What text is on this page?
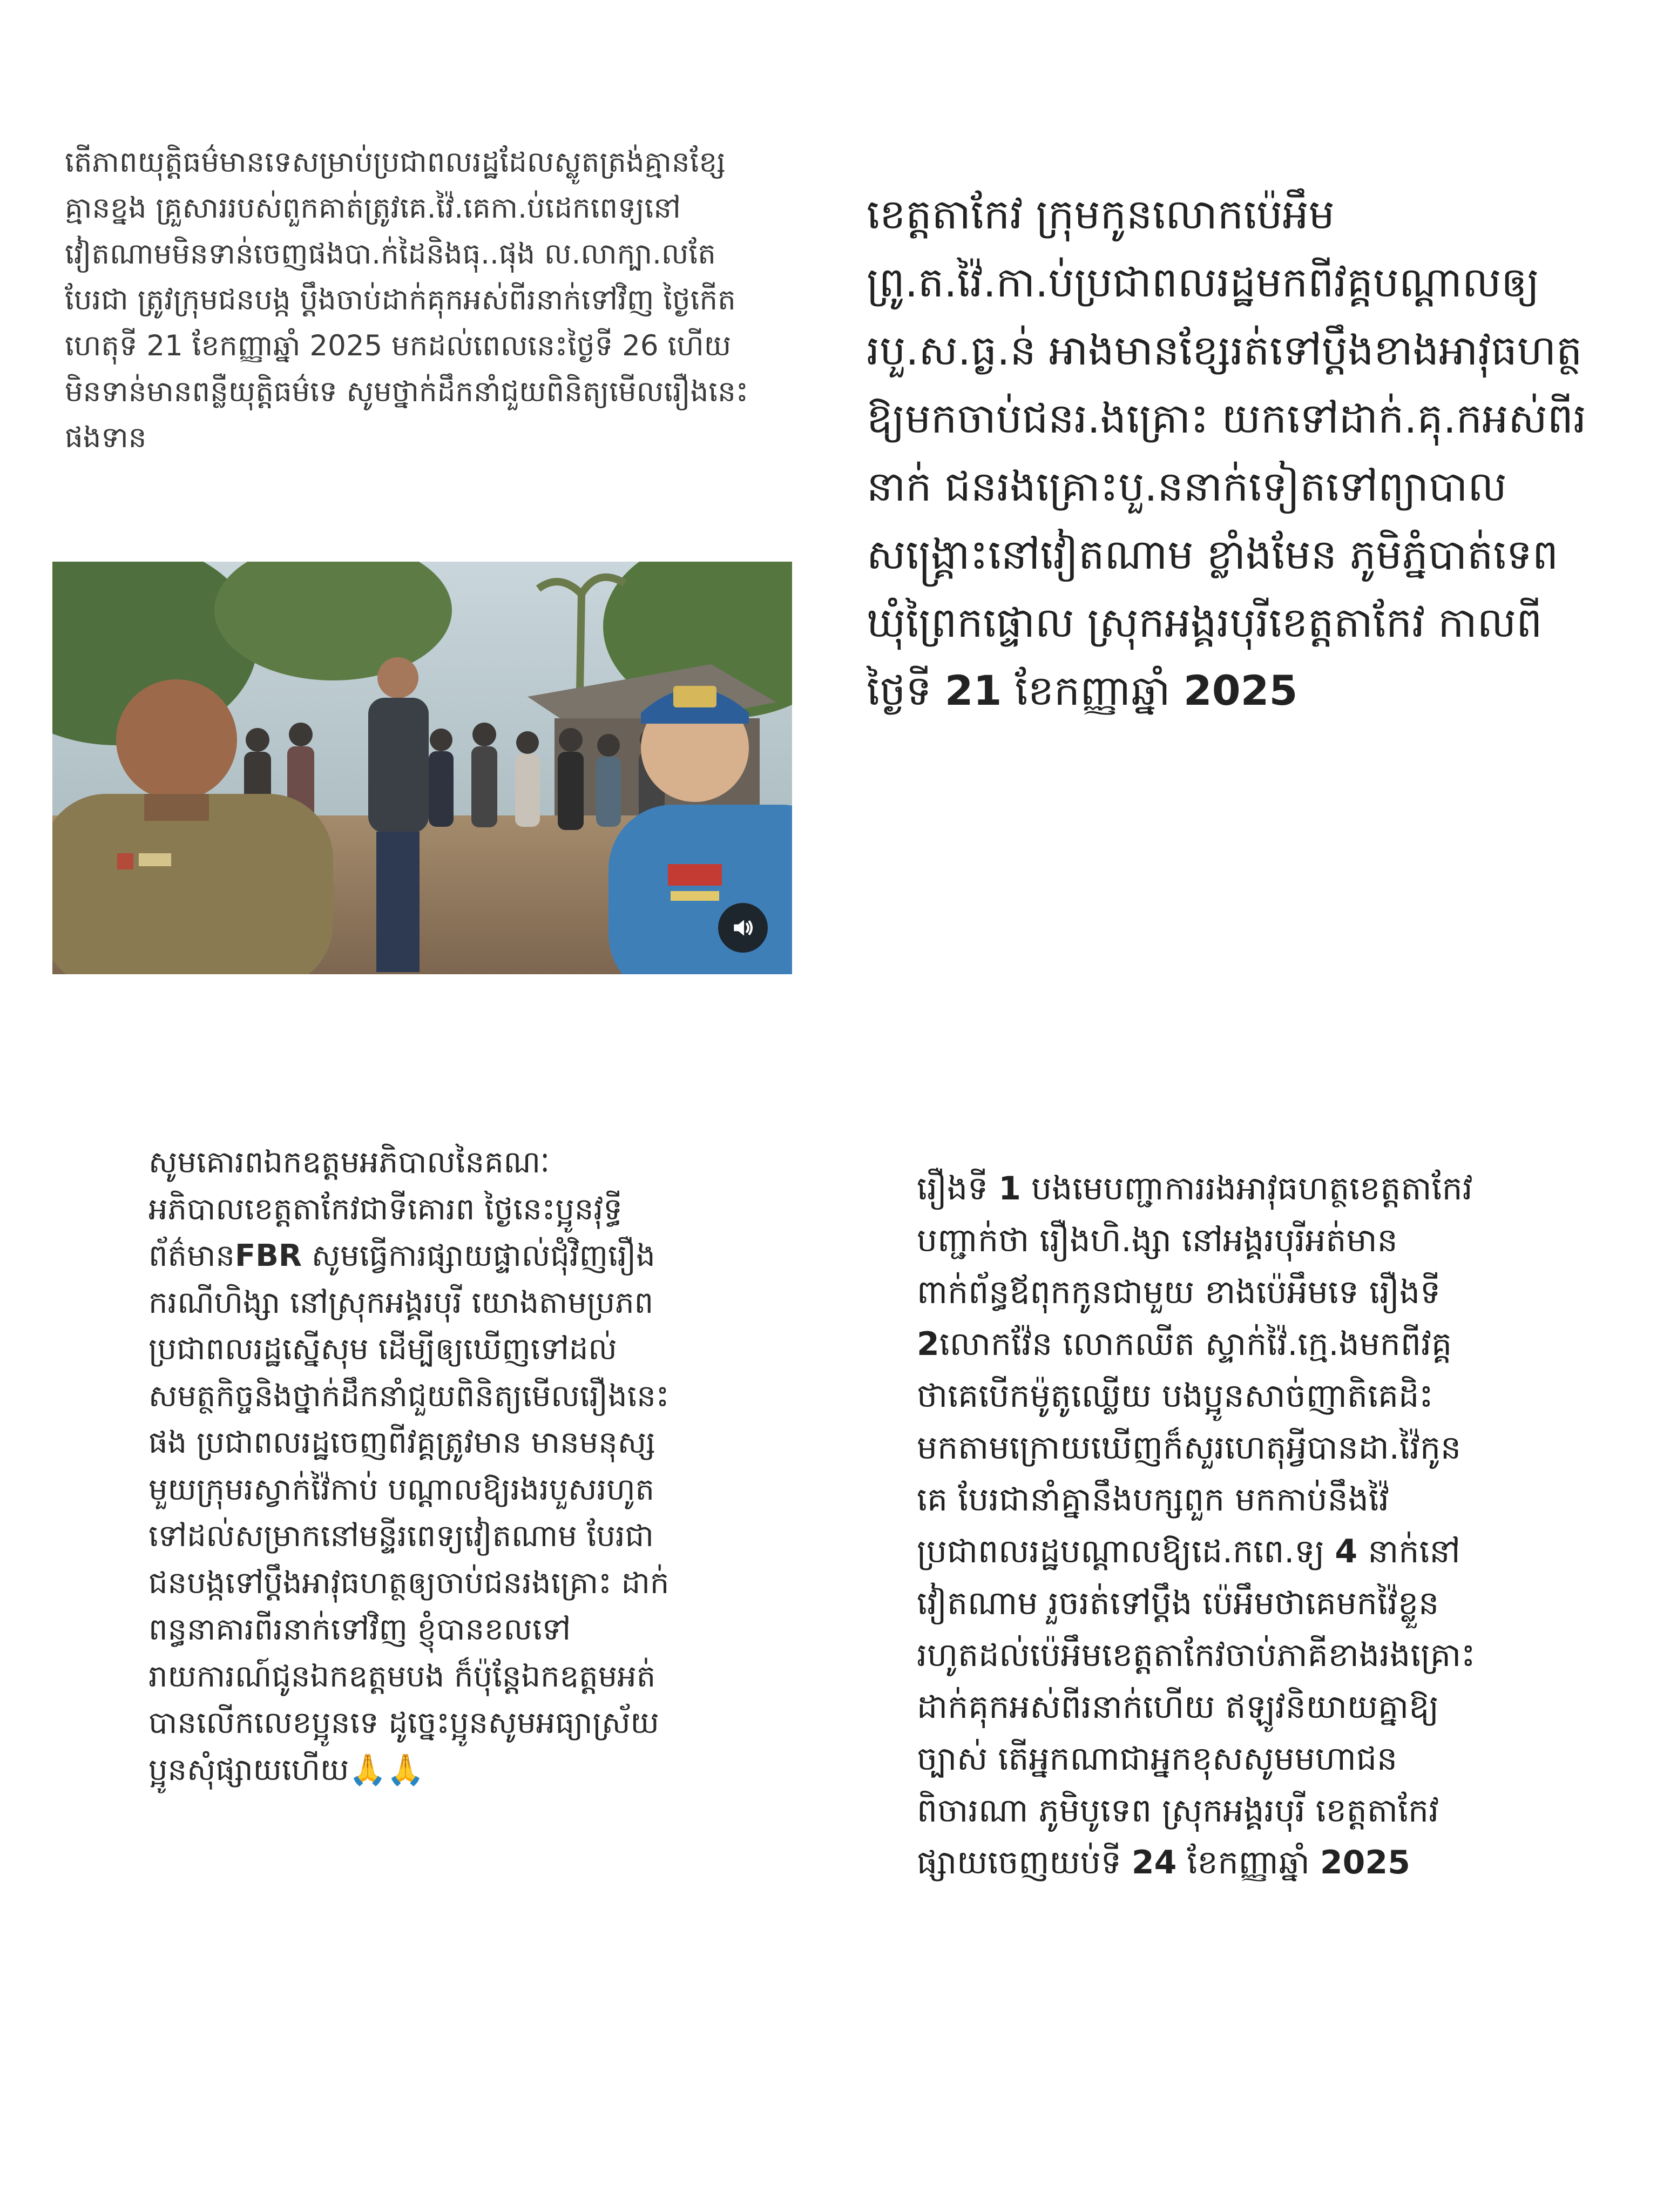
តើភាពយុត្តិធម៌មានទេសម្រាប់ប្រជាពលរដ្ឋដែលស្លូតត្រង់គ្មានខ្សែ
គ្មានខ្នង គ្រួសាររបស់ពួកគាត់ត្រូវគេ.វ៉ៃ.គេកា.ប់ដេកពេទ្យនៅ
វៀតណាមមិនទាន់ចេញផងបា.ក់ដៃនិងធុ..ផុង ល.លាក្បា.លតែ
បែរជា ត្រូវក្រុមជនបង្ក ប្តឹងចាប់ដាក់គុកអស់ពីរនាក់ទៅវិញ ថ្ងៃកើត
ហេតុទី 21 ខែកញ្ញាឆ្នាំ 2025 មកដល់ពេលនេះថ្ងៃទី 26 ហើយ
មិនទាន់មានពន្លឺយុត្តិធម៌ទេ សូមថ្នាក់ដឹកនាំជួយពិនិត្យមើលរឿងនេះ
ផងទាន
ខេត្តតាកែវ ក្រុមកូនលោកប៉េអឹម
ព្រូ.ត.វ៉ៃ.កា.ប់ប្រជាពលរដ្ឋមកពីវគ្គបណ្តាលឲ្យ
របួ.ស.ធ្ង.ន់ អាងមានខ្សែរត់ទៅប្តឹងខាងអាវុធហត្ថ
ឱ្យមកចាប់ជនរ.ងគ្រោះ យកទៅដាក់.គុ.កអស់ពីរ
នាក់ ជនរងគ្រោះបួ.ននាក់ទៀតទៅព្យាបាល
សង្គ្រោះនៅវៀតណាម ខ្លាំងមែន ភូមិភ្នំបាត់ទេព
ឃុំព្រៃកផ្ទោល ស្រុកអង្គរបុរីខេត្តតាកែវ កាលពី
ថ្ងៃទី 21 ខែកញ្ញាឆ្នាំ 2025
សូមគោរពឯកឧត្តមអភិបាលនៃគណៈ
អភិបាលខេត្តតាកែវជាទីគោរព ថ្ងៃនេះប្អូនវុទ្ធី
ព័ត៌មានFBR សូមធ្វើការផ្សាយផ្ទាល់ជុំវិញរឿង
ករណីហិង្សា នៅស្រុកអង្គរបុរី យោងតាមប្រភព
ប្រជាពលរដ្ឋស្នើសុម ដើម្បីឲ្យឃើញទៅដល់
សមត្ថកិច្ចនិងថ្នាក់ដឹកនាំជួយពិនិត្យមើលរឿងនេះ
ផង ប្រជាពលរដ្ឋចេញពីវគ្គត្រូវមាន មានមនុស្ស
មួយក្រុមរស្វាក់វ៉ៃកាប់ បណ្តាលឱ្យរងរបួសរហូត
ទៅដល់សម្រាកនៅមន្ទីរពេទ្យវៀតណាម បែរជា
ជនបង្កទៅប្តឹងអាវុធហត្ថឲ្យចាប់ជនរងគ្រោះ ដាក់
ពន្ធនាគារពីរនាក់ទៅវិញ ខ្ញុំបានខលទៅ
រាយការណ៍ជូនឯកឧត្តមបង ក៏ប៉ុន្តែឯកឧត្តមអត់
បានលើកលេខប្អូនទេ ដូច្នេះប្អូនសូមអធ្យាស្រ័យ
ប្អូនសុំផ្សាយហើយ🙏🙏
រឿងទី 1 បងមេបញ្ជាការរងអាវុធហត្ថខេត្តតាកែវ
បញ្ជាក់ថា រឿងហិ.ង្សា នៅអង្គរបុរីអត់មាន
ពាក់ព័ន្ធឪពុកកូនជាមួយ ខាងប៉េអឹមទេ រឿងទី
2លោកវ៉ែន លោកឈីត ស្ទាក់វ៉ៃ.ក្មេ.ងមកពីវគ្គ
ថាគេបើកម៉ូតូឈ្លើយ បងប្អូនសាច់ញាតិគេដិះ
មកតាមក្រោយឃើញក៏សួរហេតុអ្វីបានដា.វ៉ៃកូន
គេ បែរជានាំគ្នានឹងបក្សពួក មកកាប់នឹងវ៉ៃ
ប្រជាពលរដ្ឋបណ្តាលឱ្យដេ.កពេ.ទ្យ 4 នាក់នៅ
វៀតណាម រួចរត់ទៅប្តឹង ប៉េអឹមថាគេមកវ៉ៃខ្លួន
រហូតដល់ប៉េអឹមខេត្តតាកែវចាប់ភាគីខាងរងគ្រោះ
ដាក់គុកអស់ពីរនាក់ហើយ ឥឡូវនិយាយគ្នាឱ្យ
ច្បាស់ តើអ្នកណាជាអ្នកខុសសូមមហាជន
ពិចារណា ភូមិបូទេព ស្រុកអង្គរបុរី ខេត្តតាកែវ
ផ្សាយចេញយប់ទី 24 ខែកញ្ញាឆ្នាំ 2025
